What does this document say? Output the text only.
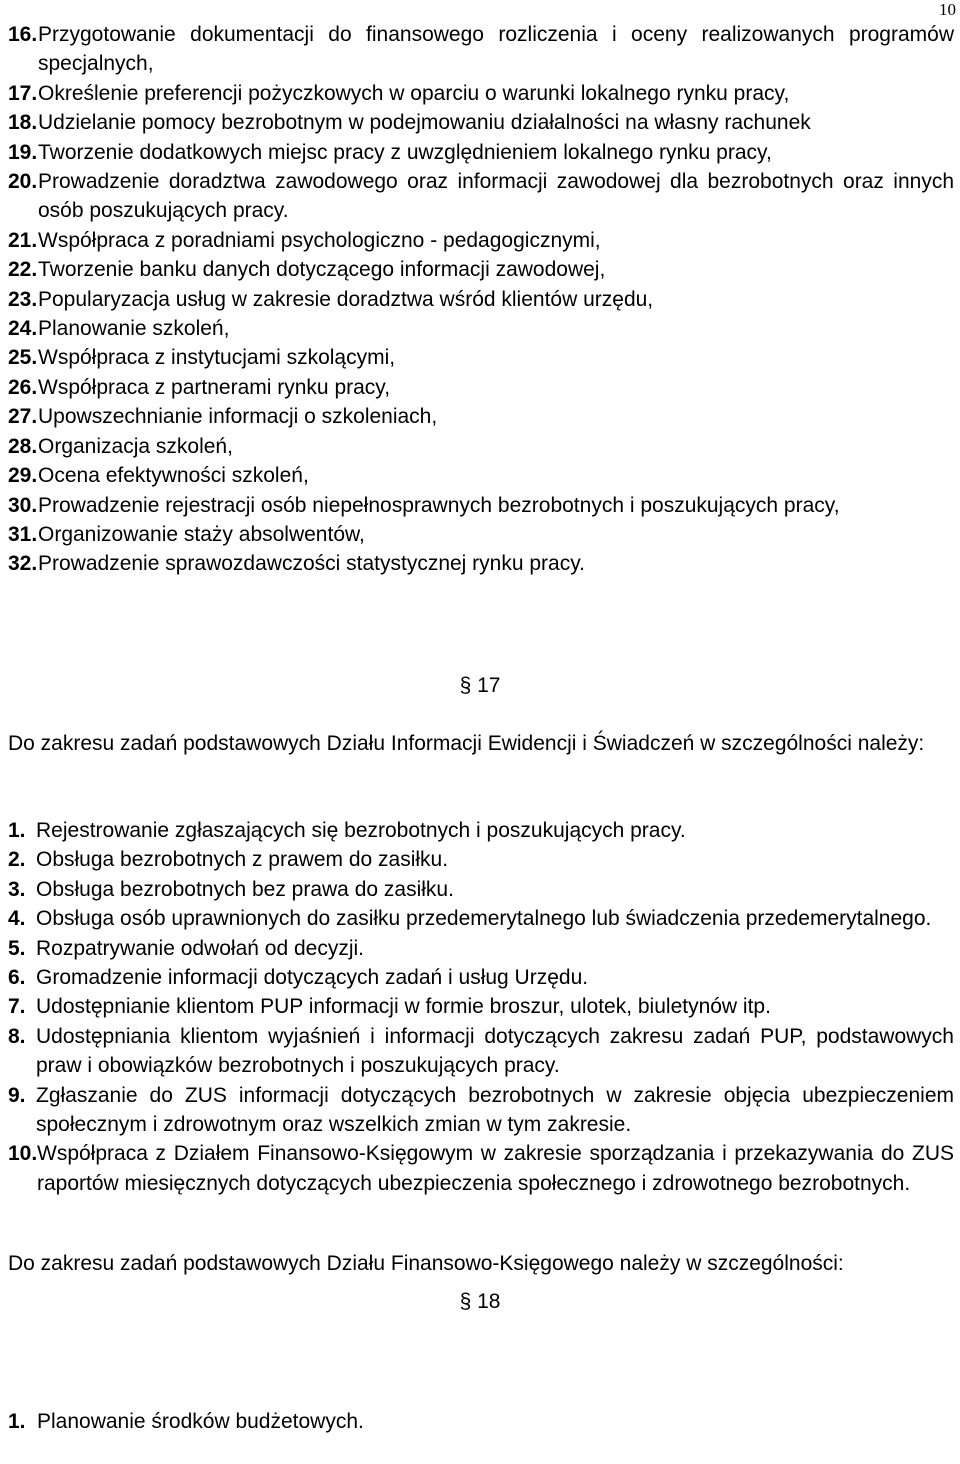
10
16. Przygotowanie dokumentacji do finansowego rozliczenia i oceny realizowanych programów specjalnych,
17. Określenie preferencji pożyczkowych w oparciu o warunki lokalnego rynku pracy,
18. Udzielanie pomocy bezrobotnym w podejmowaniu działalności na własny rachunek
19. Tworzenie dodatkowych miejsc pracy z uwzględnieniem lokalnego rynku pracy,
20. Prowadzenie doradztwa zawodowego oraz informacji zawodowej dla bezrobotnych oraz innych osób poszukujących pracy.
21. Współpraca z poradniami psychologiczno - pedagogicznymi,
22. Tworzenie banku danych dotyczącego informacji zawodowej,
23. Popularyzacja usług w zakresie doradztwa wśród klientów urzędu,
24. Planowanie szkoleń,
25. Współpraca z instytucjami szkolącymi,
26. Współpraca z partnerami rynku pracy,
27. Upowszechnianie informacji o szkoleniach,
28. Organizacja szkoleń,
29. Ocena efektywności szkoleń,
30. Prowadzenie rejestracji osób niepełnosprawnych bezrobotnych i poszukujących pracy,
31. Organizowanie staży absolwentów,
32. Prowadzenie sprawozdawczości statystycznej rynku pracy.
§ 17
Do zakresu zadań podstawowych Działu Informacji Ewidencji i Świadczeń w szczególności należy:
1. Rejestrowanie zgłaszających się bezrobotnych i poszukujących pracy.
2. Obsługa bezrobotnych z prawem do zasiłku.
3. Obsługa bezrobotnych bez prawa do zasiłku.
4. Obsługa osób uprawnionych do zasiłku przedemerytalnego lub świadczenia przedemerytalnego.
5. Rozpatrywanie odwołań od decyzji.
6. Gromadzenie informacji dotyczących zadań i usług Urzędu.
7. Udostępnianie klientom PUP informacji w formie broszur, ulotek, biuletynów itp.
8. Udostępniania klientom wyjaśnień i informacji dotyczących zakresu zadań PUP, podstawowych praw i obowiązków bezrobotnych i poszukujących pracy.
9. Zgłaszanie do ZUS informacji dotyczących bezrobotnych w zakresie objęcia ubezpieczeniem społecznym i zdrowotnym oraz wszelkich zmian w tym zakresie.
10. Współpraca z Działem Finansowo-Księgowym w zakresie sporządzania i przekazywania do ZUS raportów miesięcznych dotyczących ubezpieczenia społecznego i zdrowotnego bezrobotnych.
§ 18
Do zakresu zadań podstawowych Działu Finansowo-Księgowego należy w szczególności:
1. Planowanie środków budżetowych.
